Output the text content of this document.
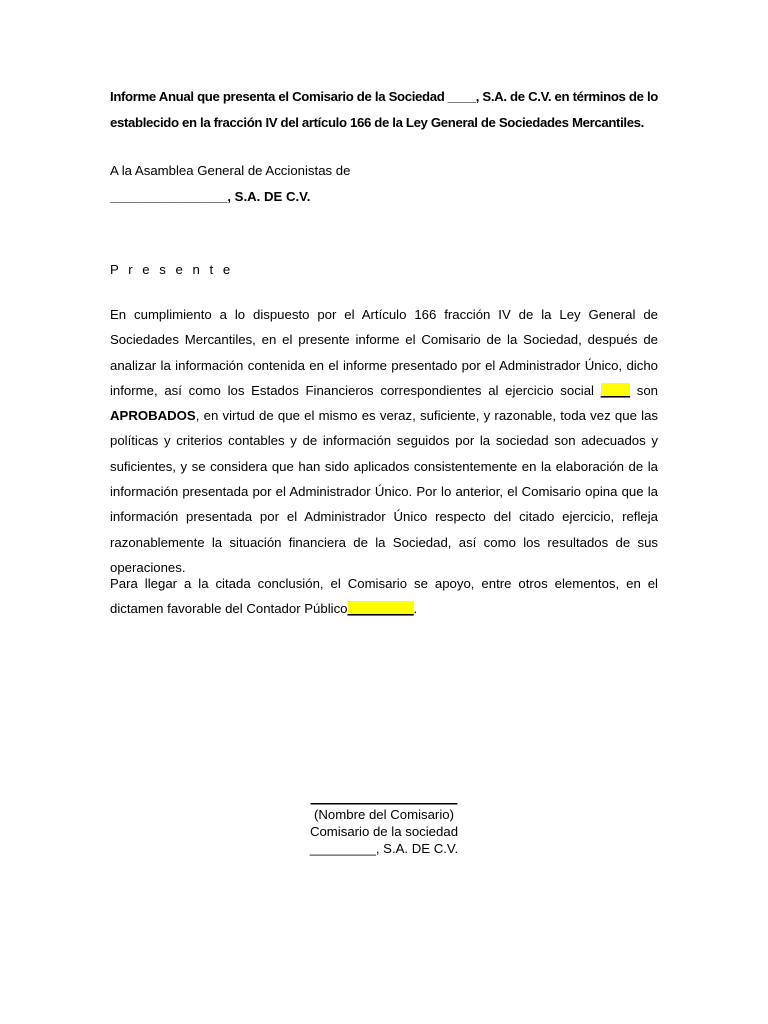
Informe Anual que presenta el Comisario de la Sociedad ____, S.A. de C.V. en términos de lo establecido en la fracción IV del artículo 166 de la Ley General de Sociedades Mercantiles.
A la Asamblea General de Accionistas de
________________, S.A. DE C.V.
P r e s e n t e
En cumplimiento a lo dispuesto por el Artículo 166 fracción IV de la Ley General de Sociedades Mercantiles, en el presente informe el Comisario de la Sociedad, después de analizar la información contenida en el informe presentado por el Administrador Único, dicho informe, así como los Estados Financieros correspondientes al ejercicio social ____ son APROBADOS, en virtud de que el mismo es veraz, suficiente, y razonable, toda vez que las políticas y criterios contables y de información seguidos por la sociedad son adecuados y suficientes, y se considera que han sido aplicados consistentemente en la elaboración de la información presentada por el Administrador Único. Por lo anterior, el Comisario opina que la información presentada por el Administrador Único respecto del citado ejercicio, refleja razonablemente la situación financiera de la Sociedad, así como los resultados de sus operaciones.
Para llegar a la citada conclusión, el Comisario se apoyo, entre otros elementos, en el dictamen favorable del Contador Público_________.
____________________
(Nombre del Comisario)
Comisario de la sociedad
_________, S.A. DE C.V.
